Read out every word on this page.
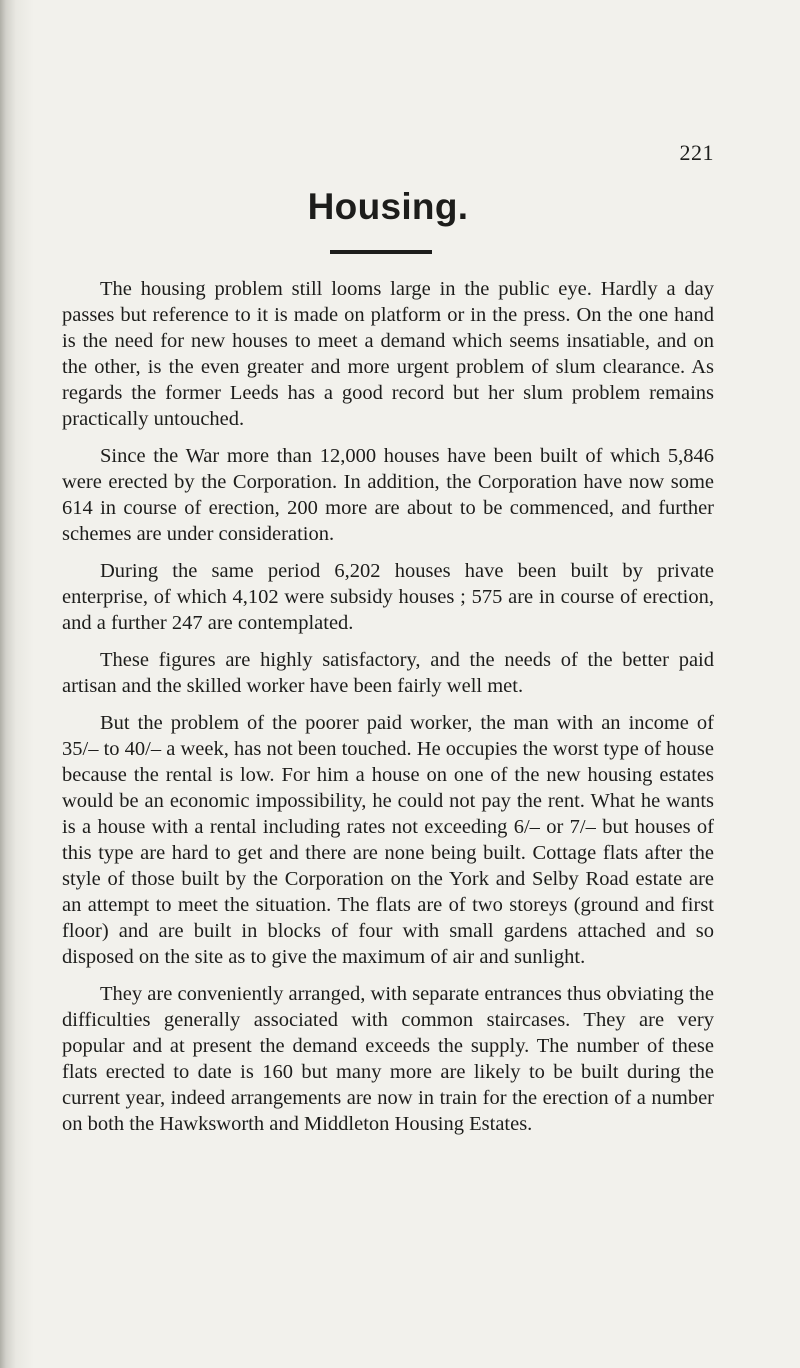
221
Housing.

The housing problem still looms large in the public eye. Hardly a day passes but reference to it is made on platform or in the press. On the one hand is the need for new houses to meet a demand which seems insatiable, and on the other, is the even greater and more urgent problem of slum clearance. As regards the former Leeds has a good record but her slum problem remains practically untouched.

Since the War more than 12,000 houses have been built of which 5,846 were erected by the Corporation. In addition, the Corporation have now some 614 in course of erection, 200 more are about to be commenced, and further schemes are under consideration.

During the same period 6,202 houses have been built by private enterprise, of which 4,102 were subsidy houses ; 575 are in course of erection, and a further 247 are contemplated.

These figures are highly satisfactory, and the needs of the better paid artisan and the skilled worker have been fairly well met.

But the problem of the poorer paid worker, the man with an income of 35/– to 40/– a week, has not been touched. He occupies the worst type of house because the rental is low. For him a house on one of the new housing estates would be an economic impossibility, he could not pay the rent. What he wants is a house with a rental including rates not exceeding 6/– or 7/– but houses of this type are hard to get and there are none being built. Cottage flats after the style of those built by the Corporation on the York and Selby Road estate are an attempt to meet the situation. The flats are of two storeys (ground and first floor) and are built in blocks of four with small gardens attached and so disposed on the site as to give the maximum of air and sunlight.

They are conveniently arranged, with separate entrances thus obviating the difficulties generally associated with common staircases. They are very popular and at present the demand exceeds the supply. The number of these flats erected to date is 160 but many more are likely to be built during the current year, indeed arrangements are now in train for the erection of a number on both the Hawksworth and Middleton Housing Estates.
